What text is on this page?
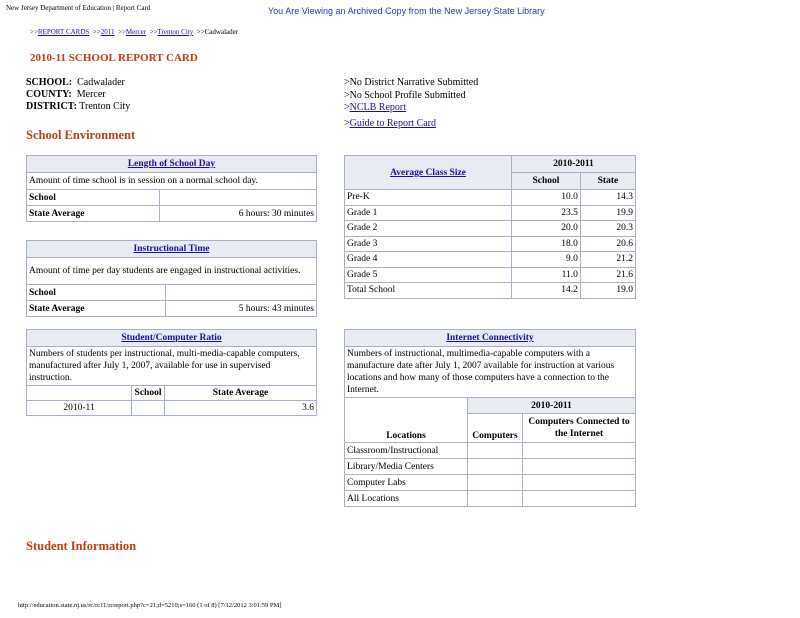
New Jersey Department of Education | Report Card	You Are Viewing an Archived Copy from the New Jersey State Library
>>REPORT CARDS >>2011 >>Mercer >>Trenton City >>Cadwalader
2010-11 SCHOOL REPORT CARD
SCHOOL: Cadwalader
COUNTY: Mercer
DISTRICT: Trenton City
>No District Narrative Submitted
>No School Profile Submitted
>NCLB Report
>Guide to Report Card
School Environment
Length of School Day	
Amount of time school is in session on a normal school day.	
School	
State Average	6 hours: 30 minutes
Instructional Time	
Amount of time per day students are engaged in instructional activities.	
School	
State Average	5 hours: 43 minutes
Student/Computer Ratio		
Numbers of students per instructional, multi-media-capable computers, manufactured after July 1, 2007, available for use in supervised instruction.		
	School	State Average
2010-11		3.6
Average Class Size	2010-2011	
	School	State
Pre-K	10.0	14.3
Grade 1	23.5	19.9
Grade 2	20.0	20.3
Grade 3	18.0	20.6
Grade 4	9.0	21.2
Grade 5	11.0	21.6
Total School	14.2	19.0
Internet Connectivity		
Numbers of instructional, multimedia-capable computers with a manufacture date after July 1, 2007 available for instruction at various locations and how many of those computers have a connection to the Internet.		
Locations	2010-2011	
	Computers	Computers Connected to the Internet
Classroom/Instructional		
Library/Media Centers		
Computer Labs		
All Locations		
Student Information
http://education.state.nj.us/rc/rc11/rcreport.php?c=21;d=5210;s=160 (1 of 8) [7/12/2012 3:01:59 PM]
